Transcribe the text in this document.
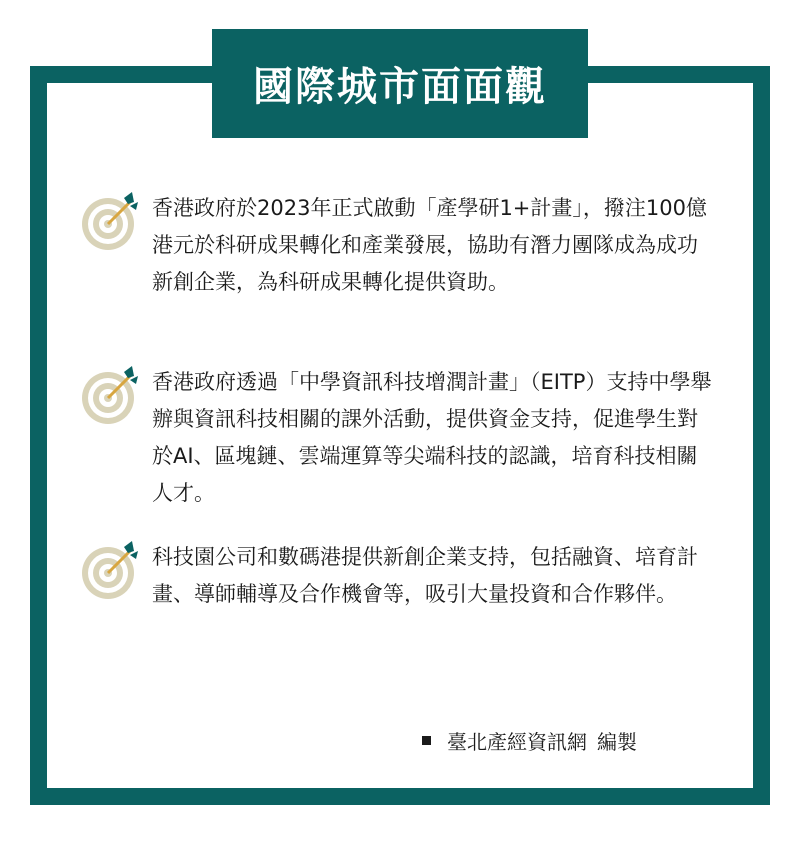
國際城市面面觀
香港政府於2023年正式啟動「產學研1+計畫」，撥注100億港元於科研成果轉化和產業發展，協助有潛力團隊成為成功新創企業，為科研成果轉化提供資助。
香港政府透過「中學資訊科技增潤計畫」（EITP）支持中學舉辦與資訊科技相關的課外活動，提供資金支持，促進學生對於AI、區塊鏈、雲端運算等尖端科技的認識，培育科技相關人才。
科技園公司和數碼港提供新創企業支持，包括融資、培育計畫、導師輔導及合作機會等，吸引大量投資和合作夥伴。
臺北產經資訊網 編製
